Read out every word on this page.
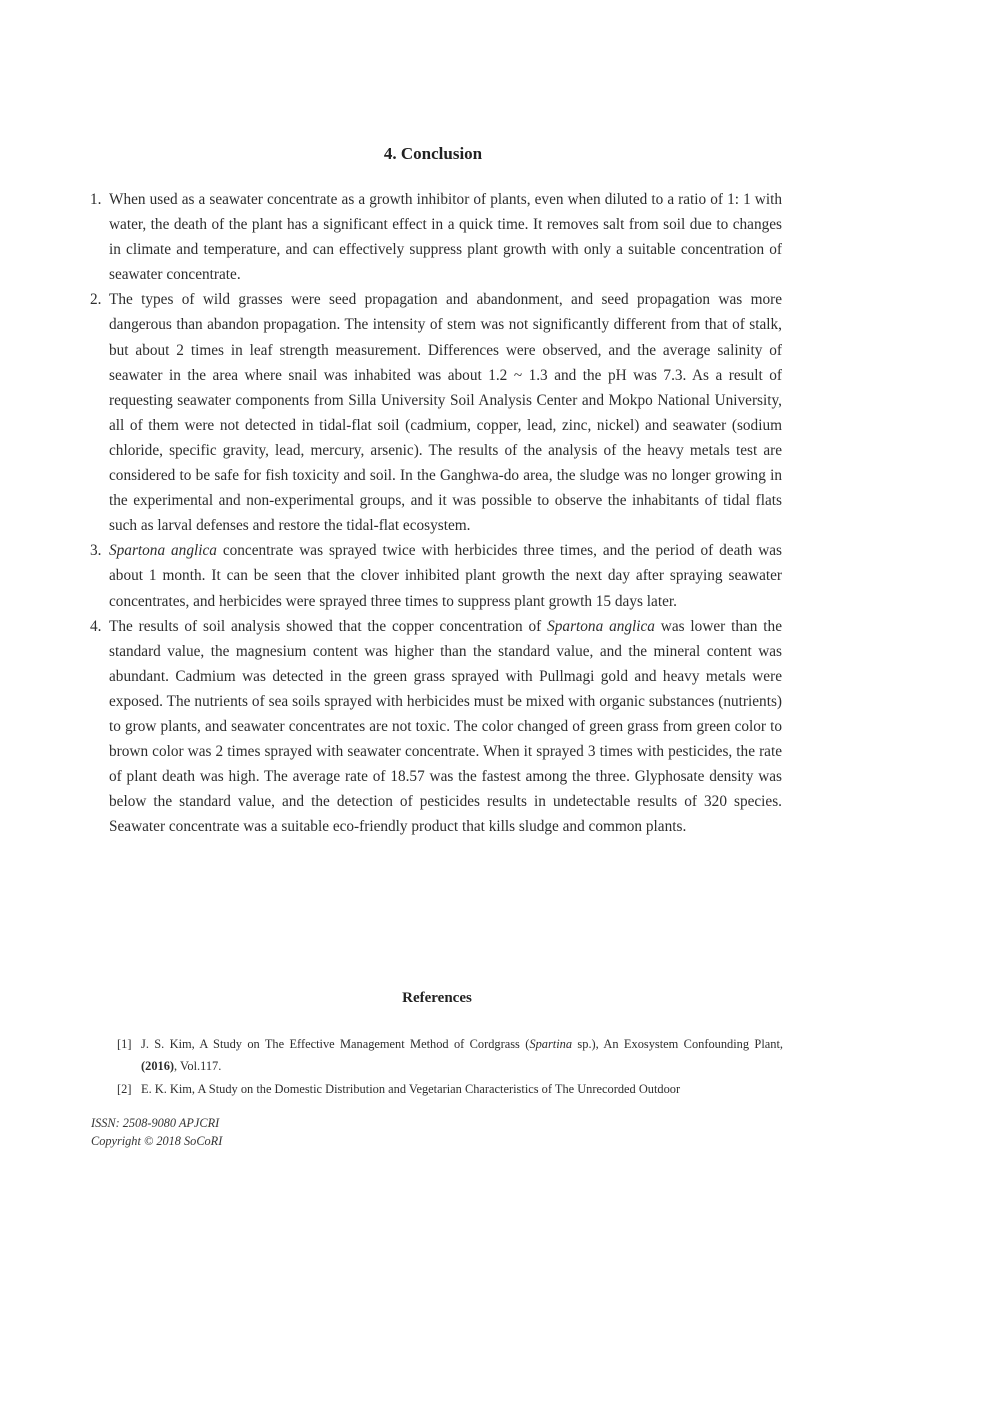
4. Conclusion
1. When used as a seawater concentrate as a growth inhibitor of plants, even when diluted to a ratio of 1: 1 with water, the death of the plant has a significant effect in a quick time. It removes salt from soil due to changes in climate and temperature, and can effectively suppress plant growth with only a suitable concentration of seawater concentrate.
2. The types of wild grasses were seed propagation and abandonment, and seed propagation was more dangerous than abandon propagation. The intensity of stem was not significantly different from that of stalk, but about 2 times in leaf strength measurement. Differences were observed, and the average salinity of seawater in the area where snail was inhabited was about 1.2 ~ 1.3 and the pH was 7.3. As a result of requesting seawater components from Silla University Soil Analysis Center and Mokpo National University, all of them were not detected in tidal-flat soil (cadmium, copper, lead, zinc, nickel) and seawater (sodium chloride, specific gravity, lead, mercury, arsenic). The results of the analysis of the heavy metals test are considered to be safe for fish toxicity and soil. In the Ganghwa-do area, the sludge was no longer growing in the experimental and non-experimental groups, and it was possible to observe the inhabitants of tidal flats such as larval defenses and restore the tidal-flat ecosystem.
3. Spartona anglica concentrate was sprayed twice with herbicides three times, and the period of death was about 1 month. It can be seen that the clover inhibited plant growth the next day after spraying seawater concentrates, and herbicides were sprayed three times to suppress plant growth 15 days later.
4. The results of soil analysis showed that the copper concentration of Spartona anglica was lower than the standard value, the magnesium content was higher than the standard value, and the mineral content was abundant. Cadmium was detected in the green grass sprayed with Pullmagi gold and heavy metals were exposed. The nutrients of sea soils sprayed with herbicides must be mixed with organic substances (nutrients) to grow plants, and seawater concentrates are not toxic. The color changed of green grass from green color to brown color was 2 times sprayed with seawater concentrate. When it sprayed 3 times with pesticides, the rate of plant death was high. The average rate of 18.57 was the fastest among the three. Glyphosate density was below the standard value, and the detection of pesticides results in undetectable results of 320 species. Seawater concentrate was a suitable eco-friendly product that kills sludge and common plants.
References
[1] J. S. Kim, A Study on The Effective Management Method of Cordgrass (Spartina sp.), An Exosystem Confounding Plant, (2016), Vol.117.
[2] E. K. Kim, A Study on the Domestic Distribution and Vegetarian Characteristics of The Unrecorded Outdoor
ISSN: 2508-9080 APJCRI
Copyright © 2018 SoCoRI
